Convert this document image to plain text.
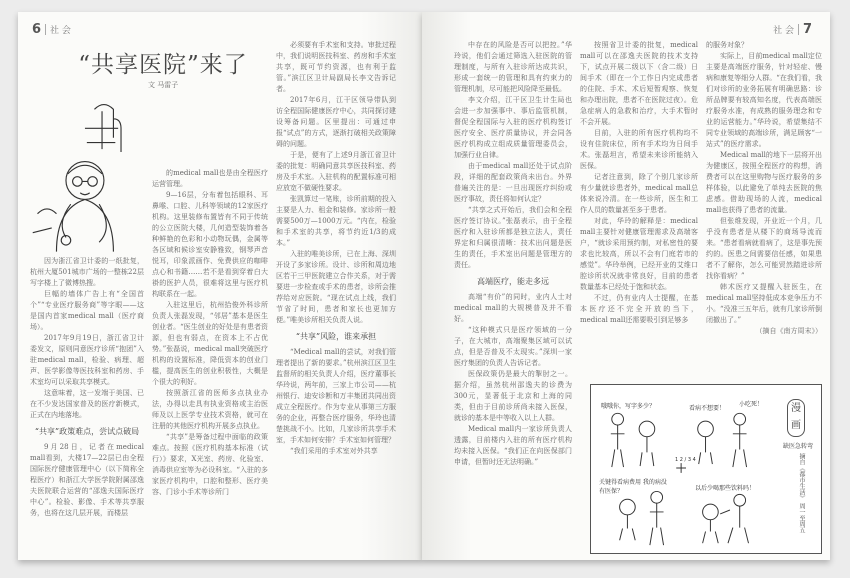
6 社 会
“共享医院”来了
文 马雷子

因为浙江省卫计委的一纸批复，杭州大厦501城市广场的一整栋22层写字楼上了微博热搜。

巨幅的墙体广告上有“全国首个”“专业医疗服务商”等字眼——这是国内首家medical mall（医疗商场）。

2017年9月19日，浙江省卫计委发文，原则同意医疗诊所“抱团”入驻medical mall，检验、病理、超声、医学影像等医技科室和药房、手术室均可以采取共享模式。

这意味着，这一发端于美国、已在不少发达国家普及的医疗新模式，正式在内地落地。

“共享”政策难点，尝试点破局

9月28日，记者在medical mall看到，大楼17—22层已由全程国际医疗健康管理中心（以下简称全程医疗）和浙江大学医学院附属邵逸夫医院联合运营的“邵逸夫国际医疗中心”。检验、影像、手术等共享服务，也将在这几层开展，而楼层

的medical mall也是由全程医疗运营管理。

9—16层，分布着包括眼科、耳鼻喉、口腔、儿科等领域的12家医疗机构。这里装修布置皆有不同于传统的公立医院大楼，几何造型装饰着各种鲜艳的色彩和小动物玩偶，金属等各区域和候诊室安静雅致，钢琴声音悦耳，印象派画作、免费供应的咖啡点心和书籍……若不是看到穿着白大褂的医护人员，很难将这里与医疗机构联系在一起。

入驻这里后，杭州拾俊外科诊所负责人张磊发现，“邻居”基本是医生创业者。“医生创业的好处是有患者资源，但也有弱点，在资本上不占优势。”张磊说，medical mall突破医疗机构的设置标准，降低资本的创业门槛，提高医生的创业积极性，大概是个很大的利好。

按照浙江省的医师多点执业办法，办得以走具有执业资格或主治医师及以上医学专业技术资格，就可在注册的其他医疗机构开展多点执业。

“共享”是筹备过程中面临的政策难点。按照《医疗机构基本标准（试行）》要求，X光室、药房、化验室、消毒供应室等为必设科室。“入驻的多家医疗机构中，口腔和整形、医疗美容、门诊小手术等诊所门

必须要有手术室和支持。审批过程中，我们说明医技科室、药房和手术室共享，既可节约资源，也有利于监管。”滨江区卫计局副局长李文告诉记者。

2017年6月，江干区领导带队到访全程国际健康医疗中心，共同探讨建设筹备问题。区里提出：可通过申报“试点”的方式，逐渐打破相关政策障碍的问题。

于是，便有了上述9月浙江省卫计委的批复：明确同意共享医技科室、药房及手术室。入驻机构的配置标准可相应放宽不做硬性要求。

张凯算过一笔账，诊所前期的投入主要是人力、租金和装修。家诊所一般需要500万—1000万元。“内在，检验和手术室的共享，将节约近1/3的成本。”

入驻的唯美诊所，已在上海、深圳开设了多家诊所。设计、诊所和周边地区若干三甲医院建立合作关系，对于需要进一步检查或手术的患者，诊所会推荐给对应医院。“现在试点上线，我们节省了时间，患者和家长也更加方便。”唯美诊所相关负责人说。

“共享”风险，谁来承担

“Medical mall的尝试，对我们管理者提出了新的要求。”杭州滨江区卫生监督所的相关负责人介绍，医疗董事长华玲说，两年前，三家上市公司——杭州银行、迪安诊断和万丰集团共同出资成立全程医疗。作为专业从事第三方服务的企业，再整合医疗服务，华玲也清楚挑战不小。比如，几家诊所共享手术室，手术如何安排？手术室如何管理？

“我们采用的手术室对外共享

社 会 7

中存在的风险是否可以把控。”华玲说，他们会通过筛选入驻医院的管理制度，与所有入驻诊所达成共识，形成一套统一的管理和具有约束力的管理机制，尽可能把风险降至最低。

李文介绍，江干区卫生计生局也会进一步加强事中、事后监管机制，督促全程国际与入驻的医疗机构签订医疗安全、医疗质量协议，并会同各医疗机构成立组成质量管理委员会，加强行业自律。

由于medical mall还处于试点阶段，详细的配套政策尚未出台。外界普遍关注的是：一旦出现医疗纠纷或医疗事故，责任将如何认定？

“共享之式开始后，我们会和全程医疗签订协议。”张磊表示，由于全程医疗和入驻诊所都是独立法人，责任界定和归属很清晰：技术出问题是医生的责任，手术室出问题是管理方的责任。

高端医疗，能走多远

高端“有价”的同时，业内人士对medical mall的大规模普及并不看好。

“这种模式只是医疗领域的一分子，在大城市，高端聚集区域可以试点，但是否普及不太现实。”深圳一家医疗集团的负责人告诉记者。

医保政策仍是最大的掣肘之一。据介绍，虽然杭州邵逸夫的诊费为300元，显著低于北京和上海的同类，但由于目前诊所尚未接入医保，就诊的基本是中等收入以上人群。

Medical mall内一家诊所负责人透露，目前楼内入驻的所有医疗机构均未接入医保。“我们正在向医保部门申请，但暂时还无法明确。”

按照省卫计委的批复，medical mall可以在邵逸夫医院的技术支持下，试点开展二级以下（含二级）日间手术（即在一个工作日内完成患者的住院、手术、术后短暂观察、恢复和办理出院，患者不在医院过夜）。危急症病人的急救和治疗，大手术暂时不会开展。

目前，入驻的所有医疗机构均不设有住院床位，所有手术均为日间手术。张磊坦言，希望未来诊所能纳入医保。

记者注意到，除了个别几家诊所有少量就诊患者外，medical mall总体来说冷清。在一些诊所，医生和工作人员的数量甚至多于患者。

对此，华玲的解释是：medical mall主要针对健康管理需求及高端客户，“就诊采用预约制，对私密性的要求也比较高，所以不会有门庭若市的感觉”。华玲举例，已经开业的艾维口腔诊所状况就非常良好，目前的患者数量基本已经处于饱和状态。

不过，仍有业内人士提醒，在基本医疗还不完全开放的当下，medical mall还需要吸引到足够多

的服务对象？

实际上，目前medical mall定位主要是高端医疗服务，针对轻症、慢病和康复等细分人群。“在我们看，我们对诊所的业务拓展有明确思路：诊所品牌要有较高知名度，代表高端医疗服务水准，有成熟的服务理念和专业的运营能力。”华玲说，希望集结不同专业领域的高端诊所，满足顾客“一站式”的医疗需求。

Medical mall的地下一层将开出为健康区，按照全程医疗的构想，消费者可以在这里购物与医疗服务的多样体验，以此避免了单纯去医院的焦虑感。借助现场的人流，medical mall也获得了患者的流量。

但张维发现，开业近一个月，几乎没有患者是从楼下的商场导流而来。“患者看病就看病了，这是事先预约的。医患之间需要信任感，如果患者不了解你，怎么可能贸然踏进诊所找你看病？”

韩术医疗又提醒入驻医生，在medical mall坚持低成本竞争压力不小。“没准三五年后，就有几家诊所倒闭撤出了。”

（摘自《南方周末》）

哦哦你，写字多少？	看病不想要！
小吃死！
关键得看病费用 我的病没有医保？	以后少喝那些饮料吗！
1 2 / 3 4
漫画
缺医急转弯
摘自《都市生活》
周一至周五
